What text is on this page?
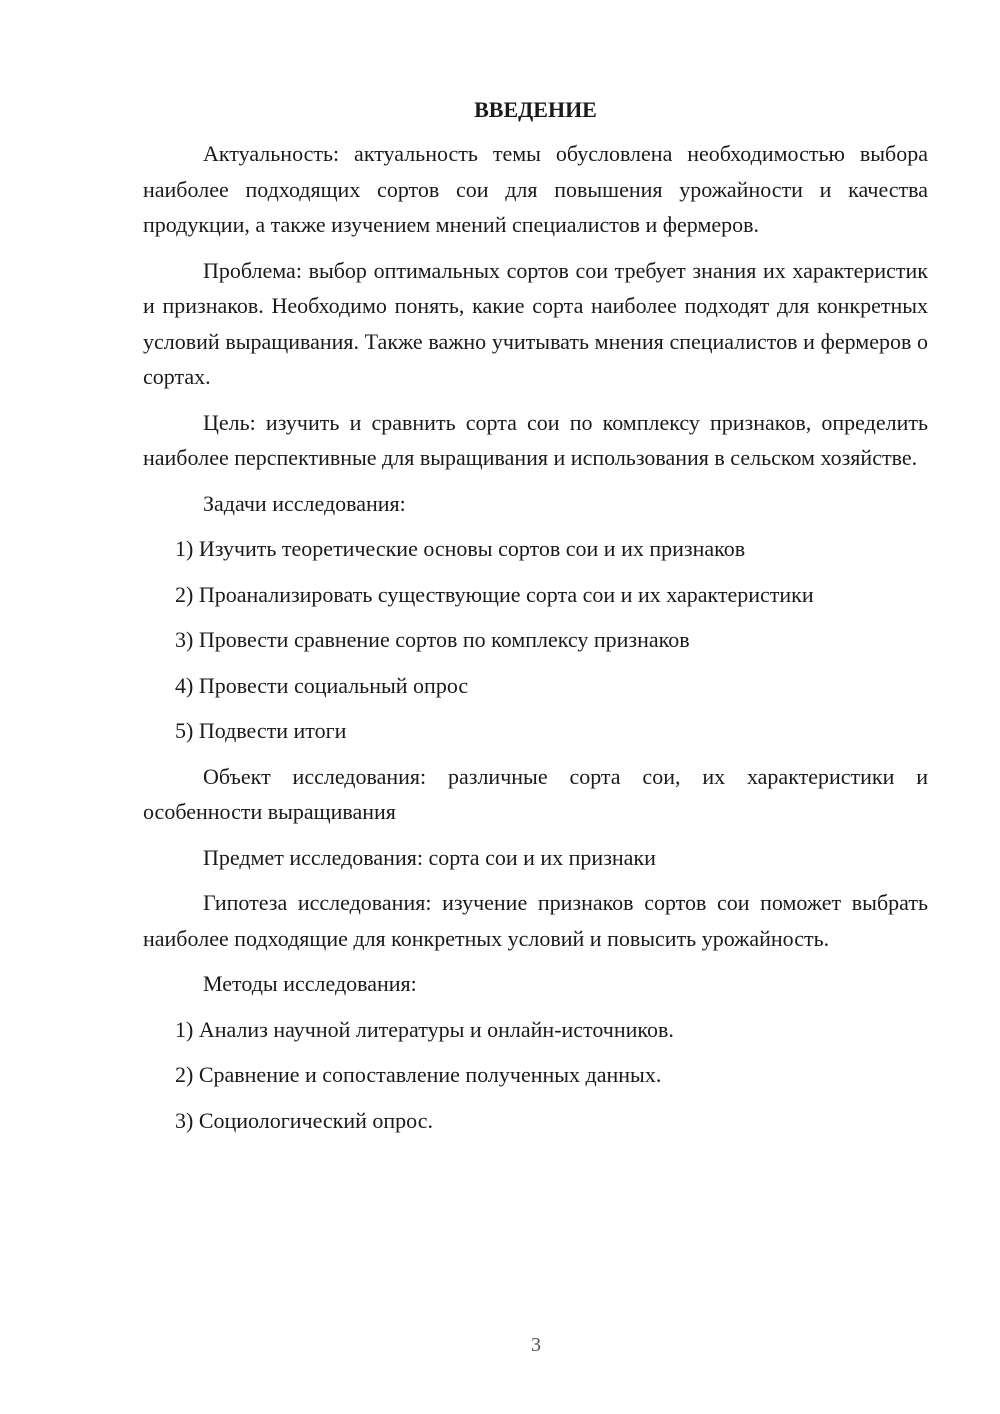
ВВЕДЕНИЕ

Актуальность: актуальность темы обусловлена необходимостью выбора наиболее подходящих сортов сои для повышения урожайности и качества продукции, а также изучением мнений специалистов и фермеров.

Проблема: выбор оптимальных сортов сои требует знания их характеристик и признаков. Необходимо понять, какие сорта наиболее подходят для конкретных условий выращивания. Также важно учитывать мнения специалистов и фермеров о сортах.

Цель: изучить и сравнить сорта сои по комплексу признаков, определить наиболее перспективные для выращивания и использования в сельском хозяйстве.

Задачи исследования:
1) Изучить теоретические основы сортов сои и их признаков
2) Проанализировать существующие сорта сои и их характеристики
3) Провести сравнение сортов по комплексу признаков
4) Провести социальный опрос
5) Подвести итоги

Объект исследования: различные сорта сои, их характеристики и особенности выращивания

Предмет исследования: сорта сои и их признаки

Гипотеза исследования: изучение признаков сортов сои поможет выбрать наиболее подходящие для конкретных условий и повысить урожайность.

Методы исследования:
1) Анализ научной литературы и онлайн-источников.
2) Сравнение и сопоставление полученных данных.
3) Социологический опрос.
3
